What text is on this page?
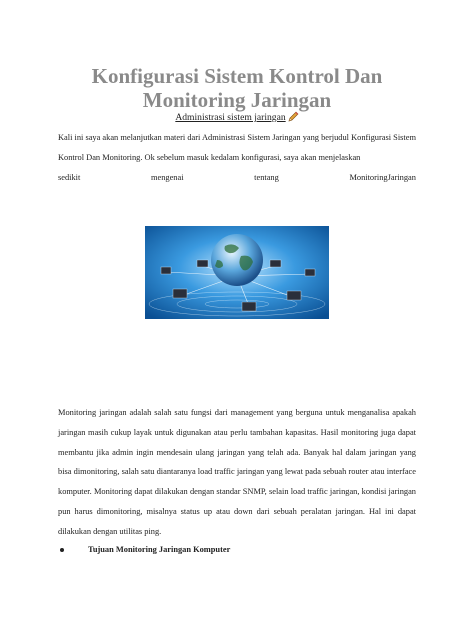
Konfigurasi Sistem Kontrol Dan Monitoring Jaringan
Administrasi sistem jaringan
Kali ini saya akan melanjutkan materi dari Administrasi Sistem Jaringan yang berjudul Konfigurasi Sistem Kontrol Dan Monitoring. Ok sebelum masuk kedalam konfigurasi, saya akan menjelaskan
sedikit	mengenai	tentang	MonitoringJaringan
Monitoring jaringan adalah salah satu fungsi dari management yang berguna untuk menganalisa apakah jaringan masih cukup layak untuk digunakan atau perlu tambahan kapasitas. Hasil monitoring juga dapat membantu jika admin ingin mendesain ulang jaringan yang telah ada. Banyak hal dalam jaringan yang bisa dimonitoring, salah satu diantaranya load traffic jaringan yang lewat pada sebuah router atau interface komputer. Monitoring dapat dilakukan dengan standar SNMP, selain load traffic jaringan, kondisi jaringan pun harus dimonitoring, misalnya status up atau down dari sebuah peralatan jaringan. Hal ini dapat dilakukan dengan utilitas ping.
Tujuan Monitoring Jaringan Komputer
